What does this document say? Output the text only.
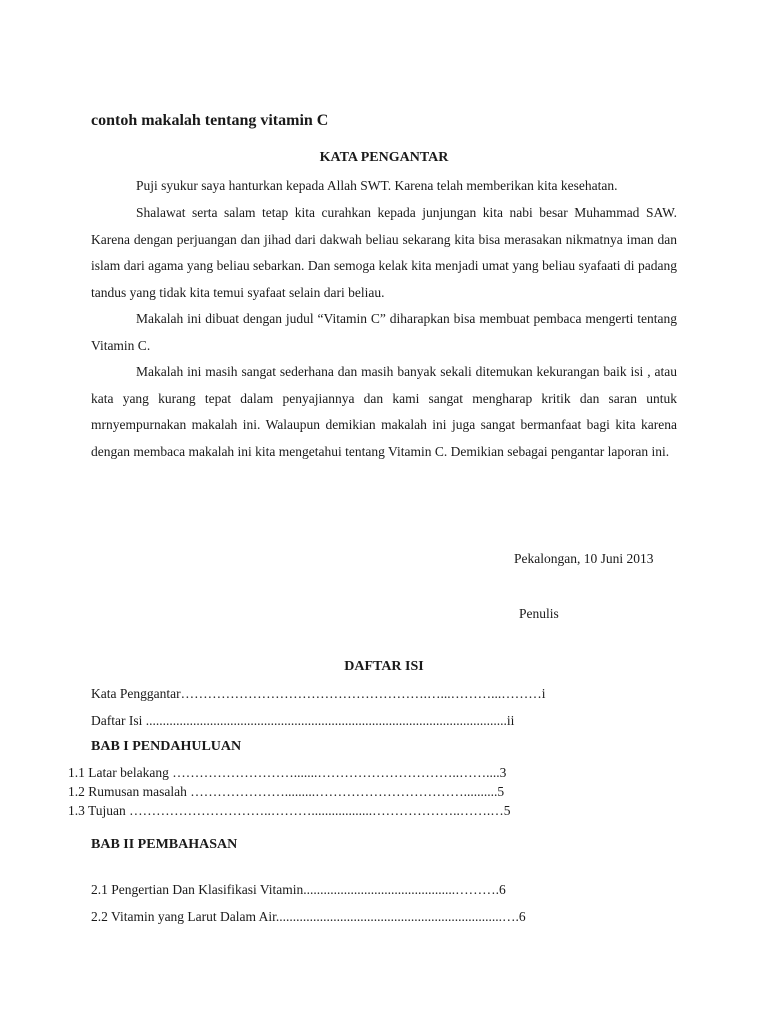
contoh makalah tentang vitamin C
KATA PENGANTAR

Puji syukur saya hanturkan kepada Allah SWT. Karena telah memberikan kita kesehatan.

Shalawat serta salam tetap kita curahkan kepada junjungan kita nabi besar Muhammad SAW. Karena dengan perjuangan dan jihad dari dakwah beliau sekarang kita bisa merasakan nikmatnya iman dan islam dari agama yang beliau sebarkan. Dan semoga kelak kita menjadi umat yang beliau syafaati di padang tandus yang tidak kita temui syafaat selain dari beliau.

Makalah ini dibuat dengan judul “Vitamin C” diharapkan bisa membuat pembaca mengerti tentang Vitamin C.

Makalah ini masih sangat sederhana dan masih banyak sekali ditemukan kekurangan baik isi , atau kata yang kurang tepat dalam penyajiannya dan kami sangat mengharap kritik dan saran untuk mrnyempurnakan makalah ini. Walaupun demikian makalah ini juga sangat bermanfaat bagi kita karena dengan membaca makalah ini kita mengetahui tentang Vitamin C. Demikian sebagai pengantar laporan ini.

Pekalongan, 10 Juni 2013
Penulis
DAFTAR ISI
Kata Penggantar……………………………………………….…...………...………i
Daftar Isi ...........................................................................................................ii
BAB I PENDAHULUAN
1.1 Latar belakang ……………………….......…………………………..……....3
1.2 Rumusan masalah ………………….........……………………………..........5
1.3 Tujuan …………………………..………..................………………..…….…5
BAB II PEMBAHASAN
2.1 Pengertian Dan Klasifikasi Vitamin.............................................……….6
2.2 Vitamin yang Larut Dalam Air...................................................................….6
